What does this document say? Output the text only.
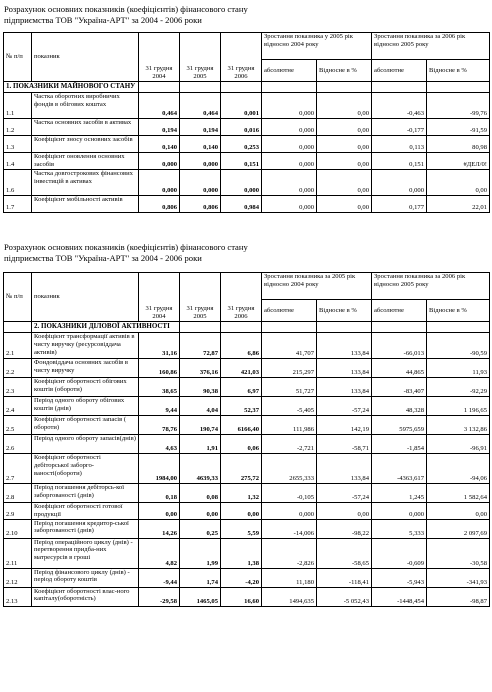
Розрахунок основних показників (коефіцієнтів) фінансового стану
підприємства ТОВ "Україна-АРТ" за 2004 - 2006 роки
№ п/п	показник	31 грудня 2004	31 грудня 2005	31 грудня 2006	Зростання показника у 2005 рік відносно 2004 року		Зростання показника за 2006 рік відносно 2005 року	
					абсолютне	Відносне в %	абсолютне	Відносне в %
1. ПОКАЗНИКИ МАЙНОВОГО СТАНУ								
1.1	Частка оборотних виробничих фондів в обігових коштах	0,464	0,464	0,001	0,000	0,00	-0,463	-99,76
1.2	Частка основних засобів в активах	0,194	0,194	0,016	0,000	0,00	-0,177	-91,59
1.3	Коефіцієнт зносу основних засобів	0,140	0,140	0,253	0,000	0,00	0,113	80,98
1.4	Коефіцієнт оновлення основних засобів	0,000	0,000	0,151	0,000	0,00	0,151	#ДЕЛ/0!
1.6	Частка довгострокових фінансових інвестицій в активах	0,000	0,000	0,000	0,000	0,00	0,000	0,00
1.7	Коефіцієнт мобільності активів	0,806	0,806	0,984	0,000	0,00	0,177	22,01
Розрахунок основних показників (коефіцієнтів) фінансового стану
підприємства ТОВ "Україна-АРТ" за 2004 - 2006 роки
№ п/п	показник	31 грудня 2004	31 грудня 2005	31 грудня 2006	Зростання показника за 2005 рік відносно 2004 року		Зростання показника за 2006 рік відносно 2005 року	
					абсолютне	Відносне в %	абсолютне	Відносне в %
	2. ПОКАЗНИКИ ДІЛОВОЇ АКТИВНОСТІ							
2.1	Коефіцієнт трансформації активів в чисту виручку (ресурсовіддача активів)	31,16	72,87	6,86	41,707	133,84	-66,013	-90,59
2.2	Фондовіддача основних засобів в чисту виручку	160,86	376,16	421,03	215,297	133,84	44,865	11,93
2.3	Коефіцієнт оборотності обігових коштів (обороти)	38,65	90,38	6,97	51,727	133,84	-83,407	-92,29
2.4	Період одного обороту обігових коштів (днів)	9,44	4,04	52,37	-5,405	-57,24	48,328	1 196,65
2.5	Коефіцієнт оборотності запасів ( обороти)	78,76	190,74	6166,40	111,986	142,19	5975,659	3 132,86
2.6	Період одного обороту запасів(днів)	4,63	1,91	0,06	-2,721	-58,71	-1,854	-96,91
2.7	Коефіцієнт оборотності дебіторської заборго-ваності(обороти)	1984,00	4639,33	275,72	2655,333	133,84	-4363,617	-94,06
2.8	Період погашення дебіторсь-кої заборгованості (днів)	0,18	0,08	1,32	-0,105	-57,24	1,245	1 582,64
2.9	Коефіцієнт оборотності готової продукції	0,00	0,00	0,00	0,000	0,00	0,000	0,00
2.10	Період погашення кредитор-ської заборгованості (днів)	14,26	0,25	5,59	-14,006	-98,22	5,333	2 097,69
2.11	Період операційного циклу (днів) - перетворення придба-них матресурсів в гроші	4,82	1,99	1,38	-2,826	-58,65	-0,609	-30,58
2.12	Період фінансового циклу (днів) - період обороту коштів	-9,44	1,74	-4,20	11,180	-118,41	-5,943	-341,93
2.13	Коефіцієнт оборотності влас-ного капіталу(оборотність)	-29,58	1465,05	16,60	1494,635	-5 052,43	-1448,454	-98,87
